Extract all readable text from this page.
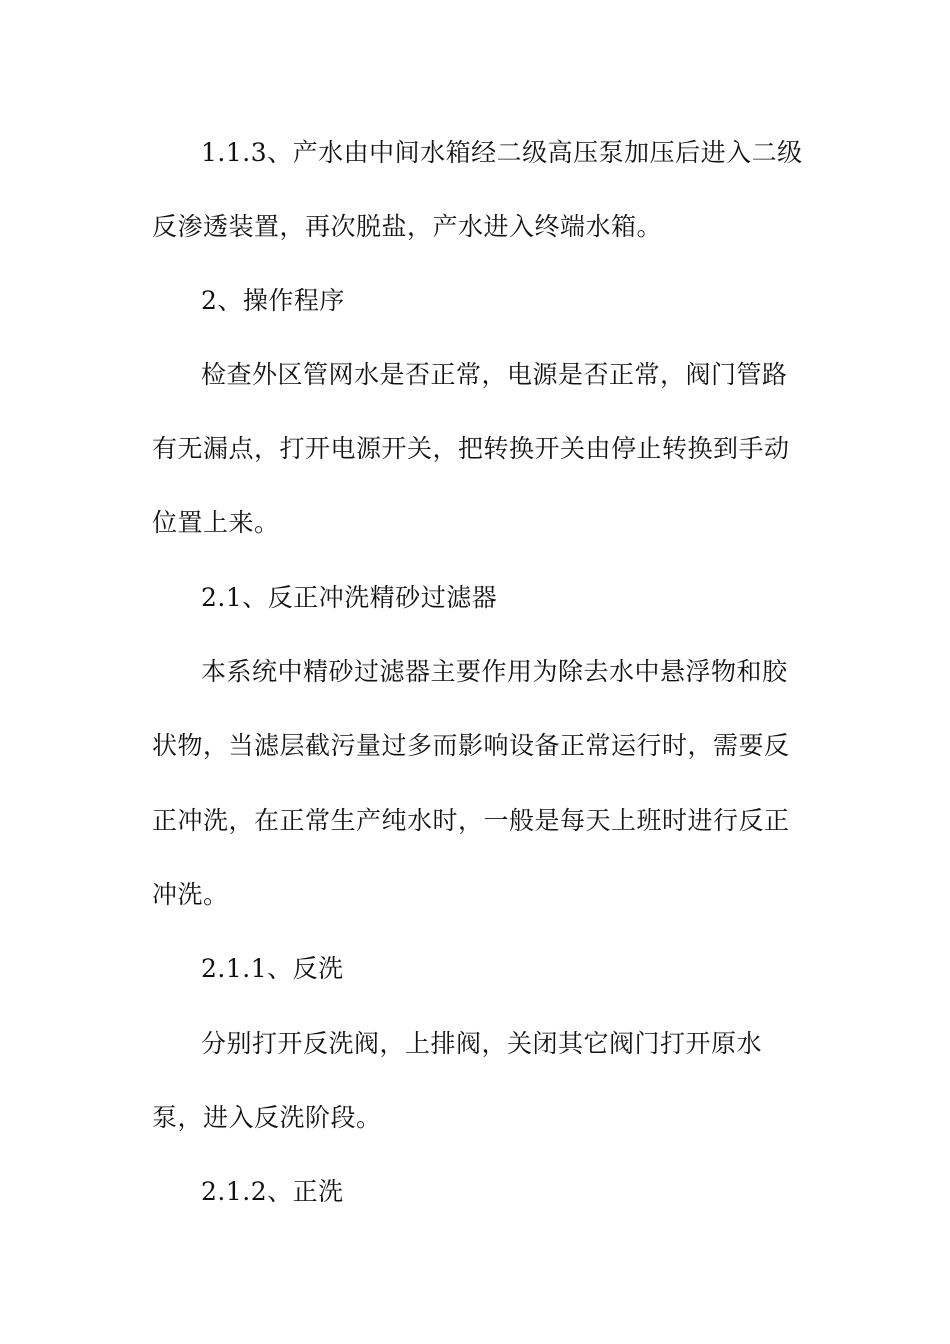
1.1.3、产水由中间水箱经二级高压泵加压后进入二级
反渗透装置，再次脱盐，产水进入终端水箱。
2、操作程序
检查外区管网水是否正常，电源是否正常，阀门管路
有无漏点，打开电源开关，把转换开关由停止转换到手动
位置上来。
2.1、反正冲洗精砂过滤器
本系统中精砂过滤器主要作用为除去水中悬浮物和胶
状物，当滤层截污量过多而影响设备正常运行时，需要反
正冲洗，在正常生产纯水时，一般是每天上班时进行反正
冲洗。
2.1.1、反洗
分别打开反洗阀，上排阀，关闭其它阀门打开原水
泵，进入反洗阶段。
2.1.2、正洗
